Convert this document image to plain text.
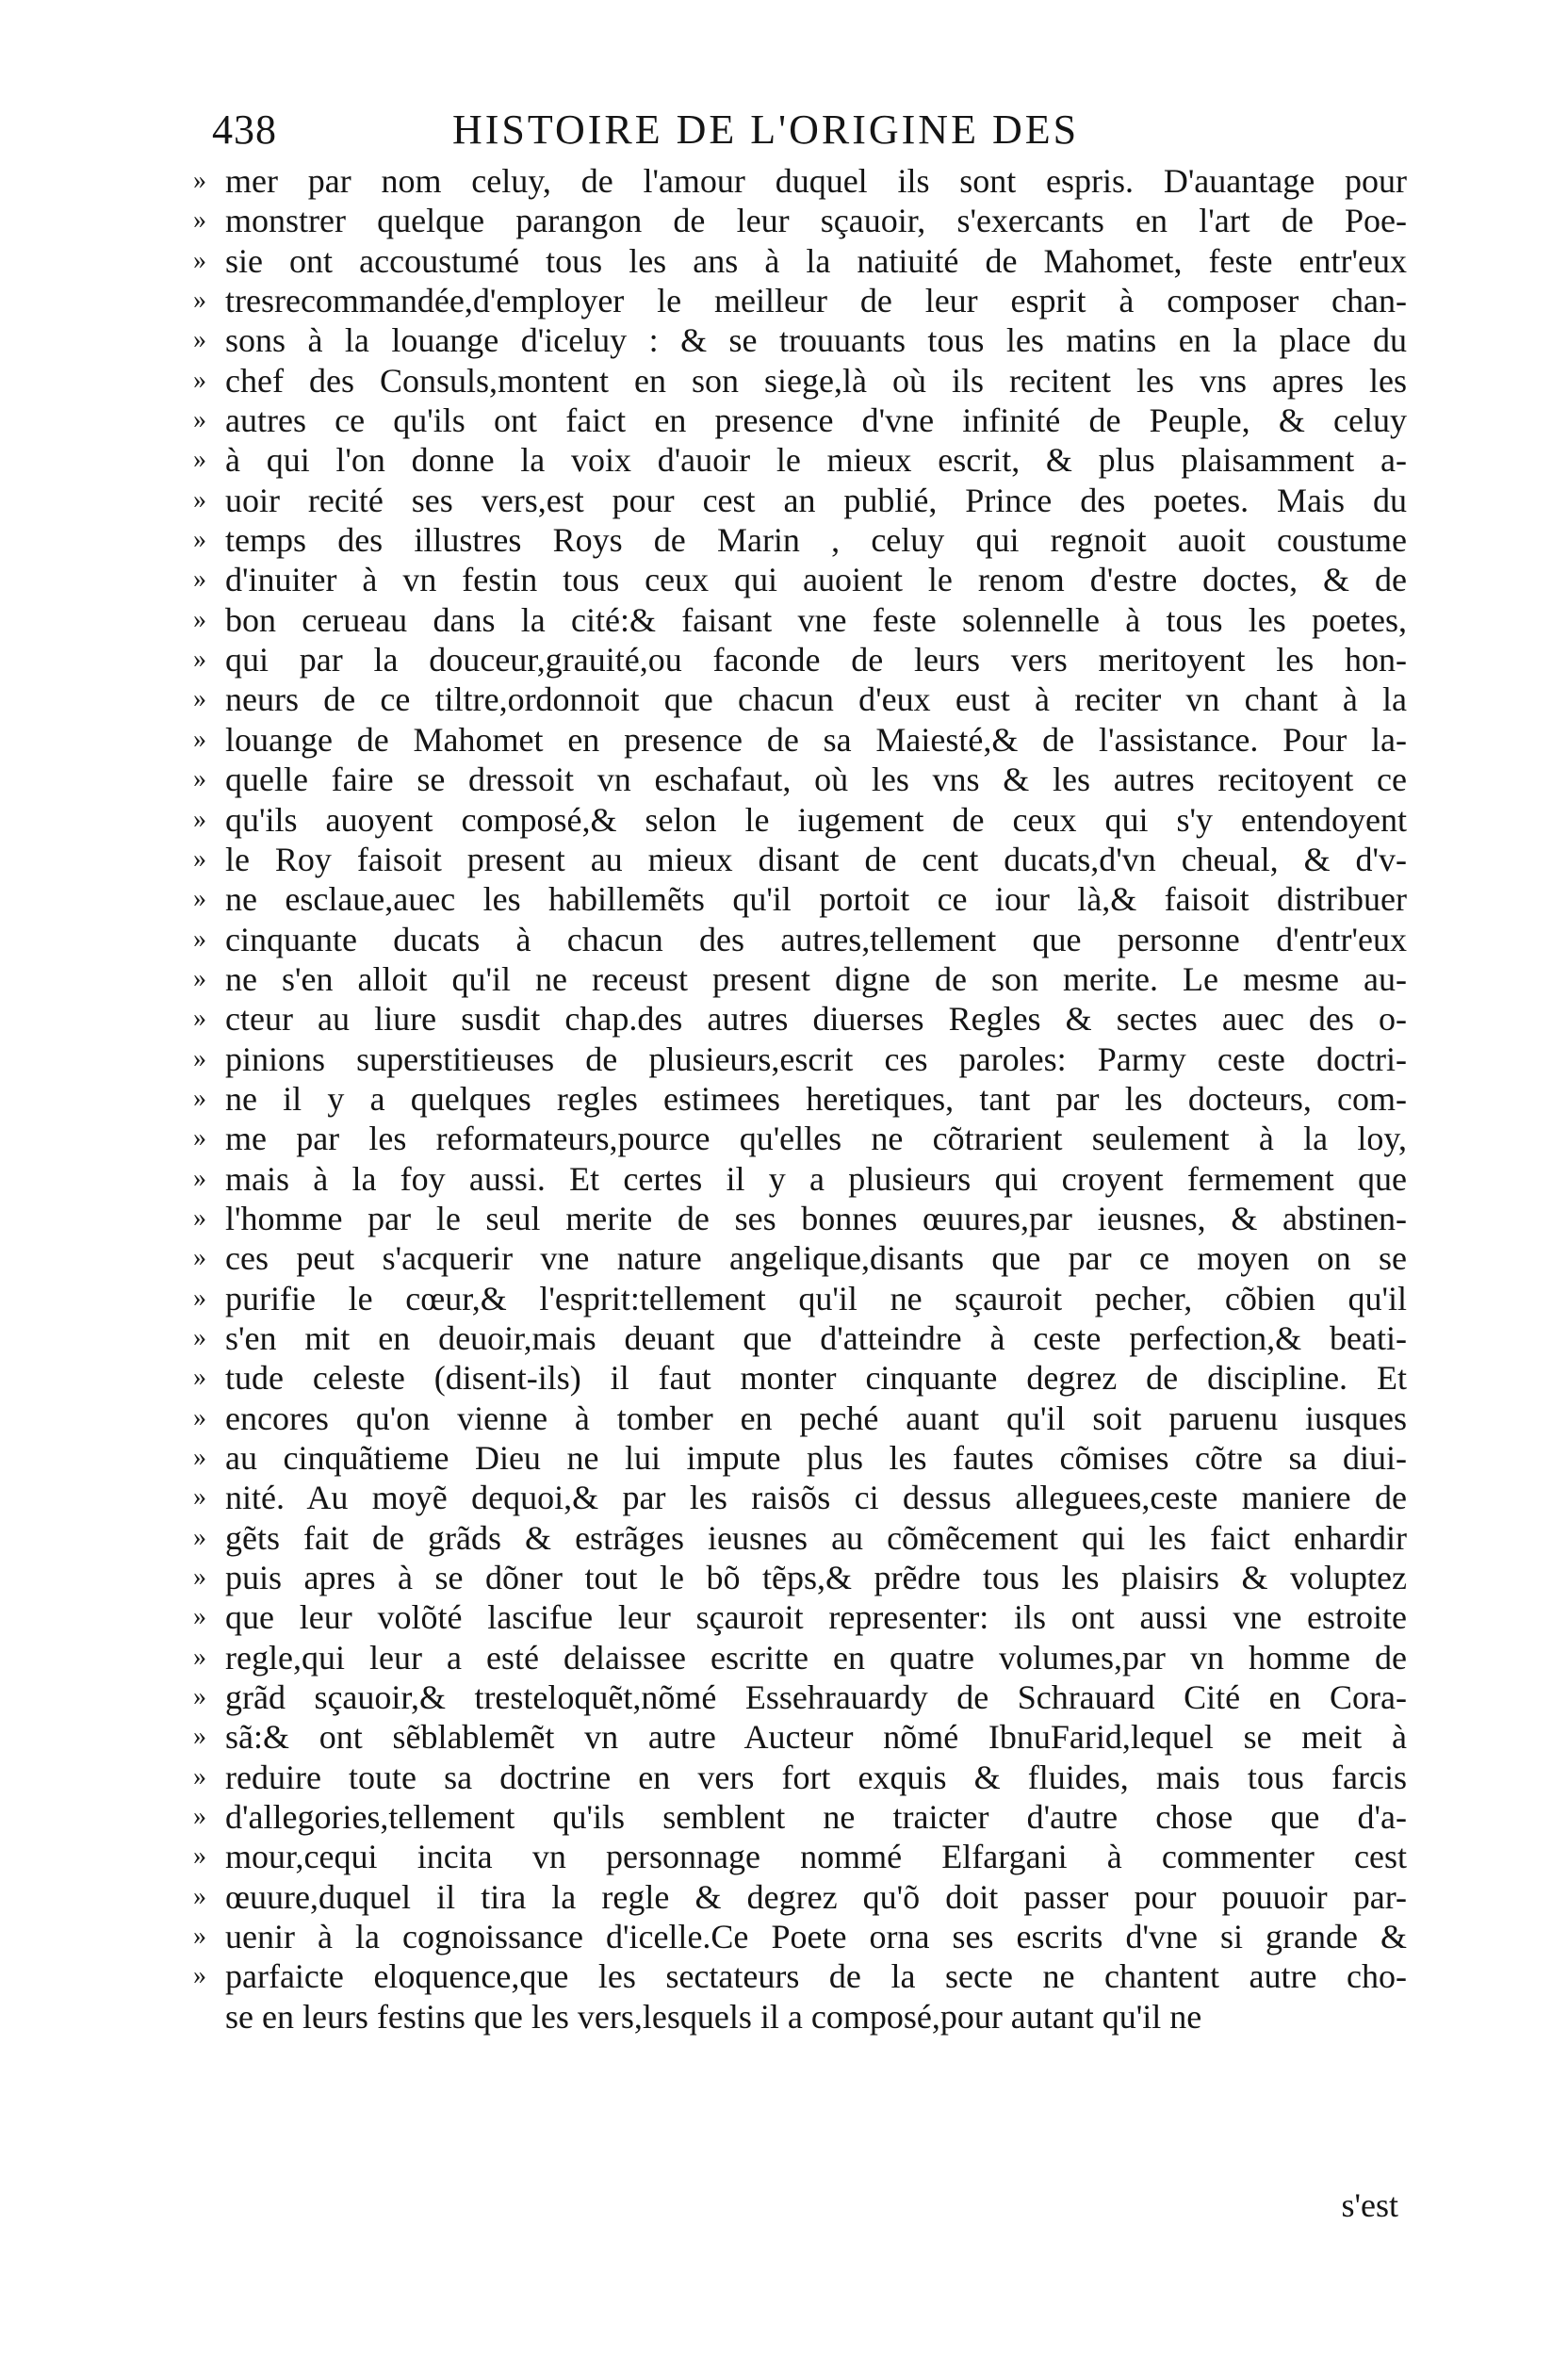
438	HISTOIRE DE L'ORIGINE DES
» mer par nom celuy, de l'amour duquel ils sont espris. D'auantage pour
» monstrer quelque parangon de leur sçauoir, s'exercants en l'art de Poe-
» sie ont accoustumé tous les ans à la natiuité de Mahomet, feste entr'eux
» tresrecommandée,d'employer le meilleur de leur esprit à composer chan-
» sons à la louange d'iceluy : & se trouuants tous les matins en la place du
» chef des Consuls,montent en son siege,là où ils recitent les vns apres les
» autres ce qu'ils ont faict en presence d'vne infinité de Peuple, & celuy
» à qui l'on donne la voix d'auoir le mieux escrit, & plus plaisamment a-
» uoir recité ses vers,est pour cest an publié, Prince des poetes. Mais du
» temps des illustres Roys de Marin , celuy qui regnoit auoit coustume
» d'inuiter à vn festin tous ceux qui auoient le renom d'estre doctes, & de
» bon cerueau dans la cité:& faisant vne feste solennelle à tous les poetes,
» qui par la douceur,grauité,ou faconde de leurs vers meritoyent les hon-
» neurs de ce tiltre,ordonnoit que chacun d'eux eust à reciter vn chant à la
» louange de Mahomet en presence de sa Maiesté,& de l'assistance. Pour la-
» quelle faire se dressoit vn eschafaut, où les vns & les autres recitoyent ce
» qu'ils auoyent composé,& selon le iugement de ceux qui s'y entendoyent
» le Roy faisoit present au mieux disant de cent ducats,d'vn cheual, & d'v-
» ne esclaue,auec les habillemẽts qu'il portoit ce iour là,& faisoit distribuer
» cinquante ducats à chacun des autres,tellement que personne d'entr'eux
» ne s'en alloit qu'il ne receust present digne de son merite. Le mesme au-
» cteur au liure susdit chap.des autres diuerses Regles & sectes auec des o-
» pinions superstitieuses de plusieurs,escrit ces paroles: Parmy ceste doctri-
» ne il y a quelques regles estimees heretiques, tant par les docteurs, com-
» me par les reformateurs,pource qu'elles ne cõtrarient seulement à la loy,
» mais à la foy aussi. Et certes il y a plusieurs qui croyent fermement que
» l'homme par le seul merite de ses bonnes œuures,par ieusnes, & abstinen-
» ces peut s'acquerir vne nature angelique,disants que par ce moyen on se
» purifie le cœur,& l'esprit:tellement qu'il ne sçauroit pecher, cõbien qu'il
» s'en mit en deuoir,mais deuant que d'atteindre à ceste perfection,& beati-
» tude celeste (disent-ils) il faut monter cinquante degrez de discipline. Et
» encores qu'on vienne à tomber en peché auant qu'il soit paruenu iusques
» au cinquãtieme Dieu ne lui impute plus les fautes cõmises cõtre sa diui-
» nité. Au moyẽ dequoi,& par les raisõs ci dessus alleguees,ceste maniere de
» gẽts fait de grãds & estrãges ieusnes au cõmẽcement qui les faict enhardir
» puis apres à se dõner tout le bõ tẽps,& prẽdre tous les plaisirs & voluptez
» que leur volõté lascifue leur sçauroit representer: ils ont aussi vne estroite
» regle,qui leur a esté delaissee escritte en quatre volumes,par vn homme de
» grãd sçauoir,& tresteloquẽt,nõmé Essehrauardy de Schrauard Cité en Cora-
» sã:& ont sẽblablemẽt vn autre Aucteur nõmé IbnuFarid,lequel se meit à
» reduire toute sa doctrine en vers fort exquis & fluides, mais tous farcis
» d'allegories,tellement qu'ils semblent ne traicter d'autre chose que d'a-
» mour,cequi incita vn personnage nommé Elfargani à commenter cest
» œuure,duquel il tira la regle & degrez qu'õ doit passer pour pouuoir par-
» uenir à la cognoissance d'icelle.Ce Poete orna ses escrits d'vne si grande &
» parfaicte eloquence,que les sectateurs de la secte ne chantent autre cho-
se en leurs festins que les vers,lesquels il a composé,pour autant qu'il ne
s'est
